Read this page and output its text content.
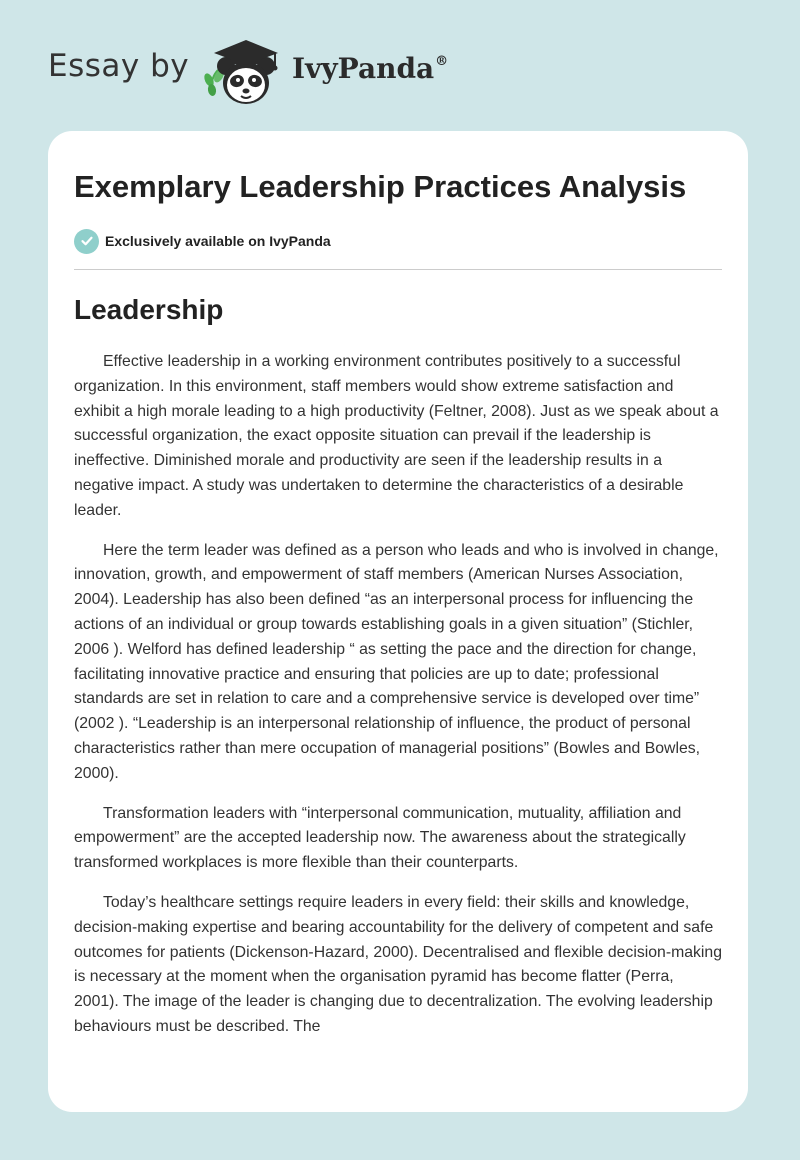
Essay by	IvyPanda®
Exemplary Leadership Practices Analysis
Exclusively available on IvyPanda
Leadership

Effective leadership in a working environment contributes positively to a successful organization. In this environment, staff members would show extreme satisfaction and exhibit a high morale leading to a high productivity (Feltner, 2008). Just as we speak about a successful organization, the exact opposite situation can prevail if the leadership is ineffective. Diminished morale and productivity are seen if the leadership results in a negative impact. A study was undertaken to determine the characteristics of a desirable leader.

Here the term leader was defined as a person who leads and who is involved in change, innovation, growth, and empowerment of staff members (American Nurses Association, 2004). Leadership has also been defined “as an interpersonal process for influencing the actions of an individual or group towards establishing goals in a given situation” (Stichler, 2006 ). Welford has defined leadership “ as setting the pace and the direction for change, facilitating innovative practice and ensuring that policies are up to date; professional standards are set in relation to care and a comprehensive service is developed over time” (2002 ). “Leadership is an interpersonal relationship of influence, the product of personal characteristics rather than mere occupation of managerial positions” (Bowles and Bowles, 2000).

Transformation leaders with “interpersonal communication, mutuality, affiliation and empowerment” are the accepted leadership now. The awareness about the strategically transformed workplaces is more flexible than their counterparts.

Today’s healthcare settings require leaders in every field: their skills and knowledge, decision-making expertise and bearing accountability for the delivery of competent and safe outcomes for patients (Dickenson-Hazard, 2000). Decentralised and flexible decision-making is necessary at the moment when the organisation pyramid has become flatter (Perra, 2001). The image of the leader is changing due to decentralization. The evolving leadership behaviours must be described. The
